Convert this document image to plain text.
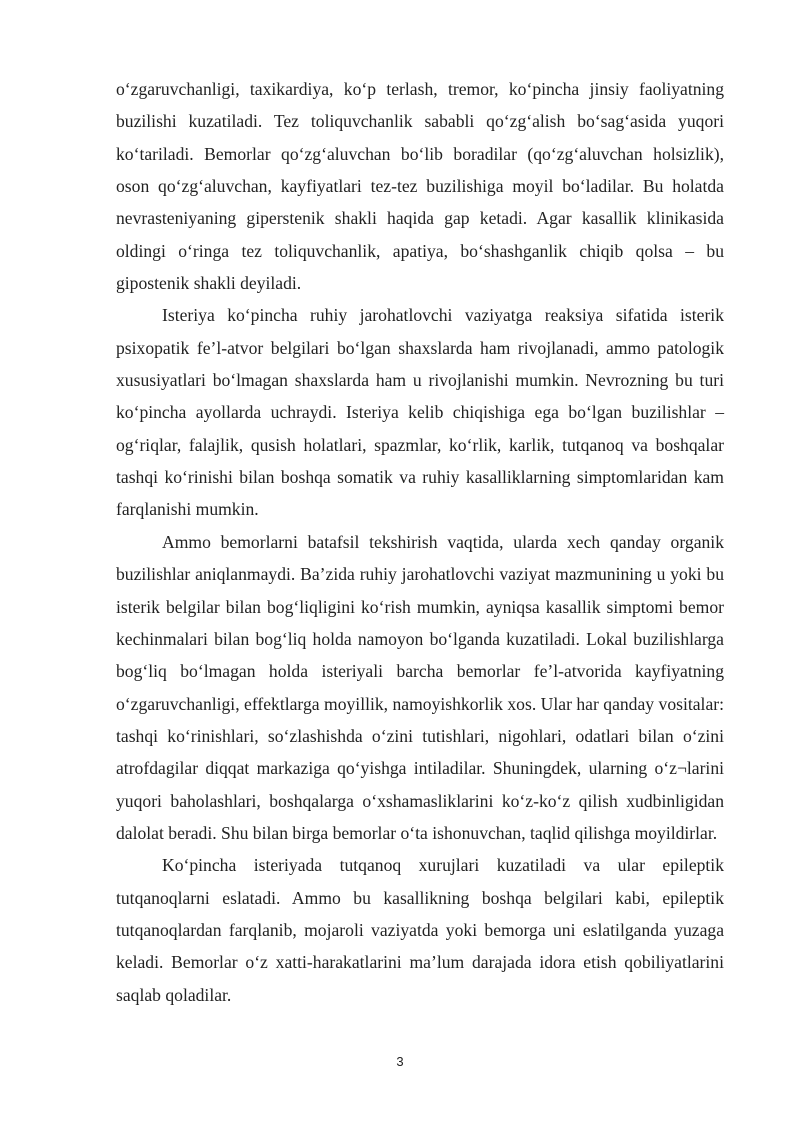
o‘zgaruvchanligi, taxikardiya, ko‘p terlash, tremor, ko‘pincha jinsiy faoliyatning buzilishi kuzatiladi. Tez toliquvchanlik sababli qo‘zg‘alish bo‘sag‘asida yuqori ko‘tariladi. Bemorlar qo‘zg‘aluvchan bo‘lib boradilar (qo‘zg‘aluvchan holsizlik), oson qo‘zg‘aluvchan, kayfiyatlari tez-tez buzilishiga moyil bo‘ladilar. Bu holatda nevrasteniyaning giperstenik shakli haqida gap ketadi. Agar kasallik klinikasida oldingi o‘ringa tez toliquvchanlik, apatiya, bo‘shashganlik chiqib qolsa – bu gipostenik shakli deyiladi.

Isteriya ko‘pincha ruhiy jarohatlovchi vaziyatga reaksiya sifatida isterik psixopatik fe’l-atvor belgilari bo‘lgan shaxslarda ham rivojlanadi, ammo patologik xususiyatlari bo‘lmagan shaxslarda ham u rivojlanishi mumkin. Nevrozning bu turi ko‘pincha ayollarda uchraydi. Isteriya kelib chiqishiga ega bo‘lgan buzilishlar – og‘riqlar, falajlik, qusish holatlari, spazmlar, ko‘rlik, karlik, tutqanoq va boshqalar tashqi ko‘rinishi bilan boshqa somatik va ruhiy kasalliklarning simptomlaridan kam farqlanishi mumkin.

Ammo bemorlarni batafsil tekshirish vaqtida, ularda xech qanday organik buzilishlar aniqlanmaydi. Ba’zida ruhiy jarohatlovchi vaziyat mazmunining u yoki bu isterik belgilar bilan bog‘liqligini ko‘rish mumkin, ayniqsa kasallik simptomi bemor kechinmalari bilan bog‘liq holda namoyon bo‘lganda kuzatiladi. Lokal buzilishlarga bog‘liq bo‘lmagan holda isteriyali barcha bemorlar fe’l-atvorida kayfiyatning o‘zgaruvchanligi, effektlarga moyillik, namoyishkorlik xos. Ular har qanday vositalar: tashqi ko‘rinishlari, so‘zlashishda o‘zini tutishlari, nigohlari, odatlari bilan o‘zini atrofdagilar diqqat markaziga qo‘yishga intiladilar. Shuningdek, ularning o‘z¬larini yuqori baholashlari, boshqalarga o‘xshamasliklarini ko‘z-ko‘z qilish xudbinligidan dalolat beradi. Shu bilan birga bemorlar o‘ta ishonuvchan, taqlid qilishga moyildirlar.

Ko‘pincha isteriyada tutqanoq xurujlari kuzatiladi va ular epileptik tutqanoqlarni eslatadi. Ammo bu kasallikning boshqa belgilari kabi, epileptik tutqanoqlardan farqlanib, mojaroli vaziyatda yoki bemorga uni eslatilganda yuzaga keladi. Bemorlar o‘z xatti-harakatlarini ma’lum darajada idora etish qobiliyatlarini saqlab qoladilar.

3
